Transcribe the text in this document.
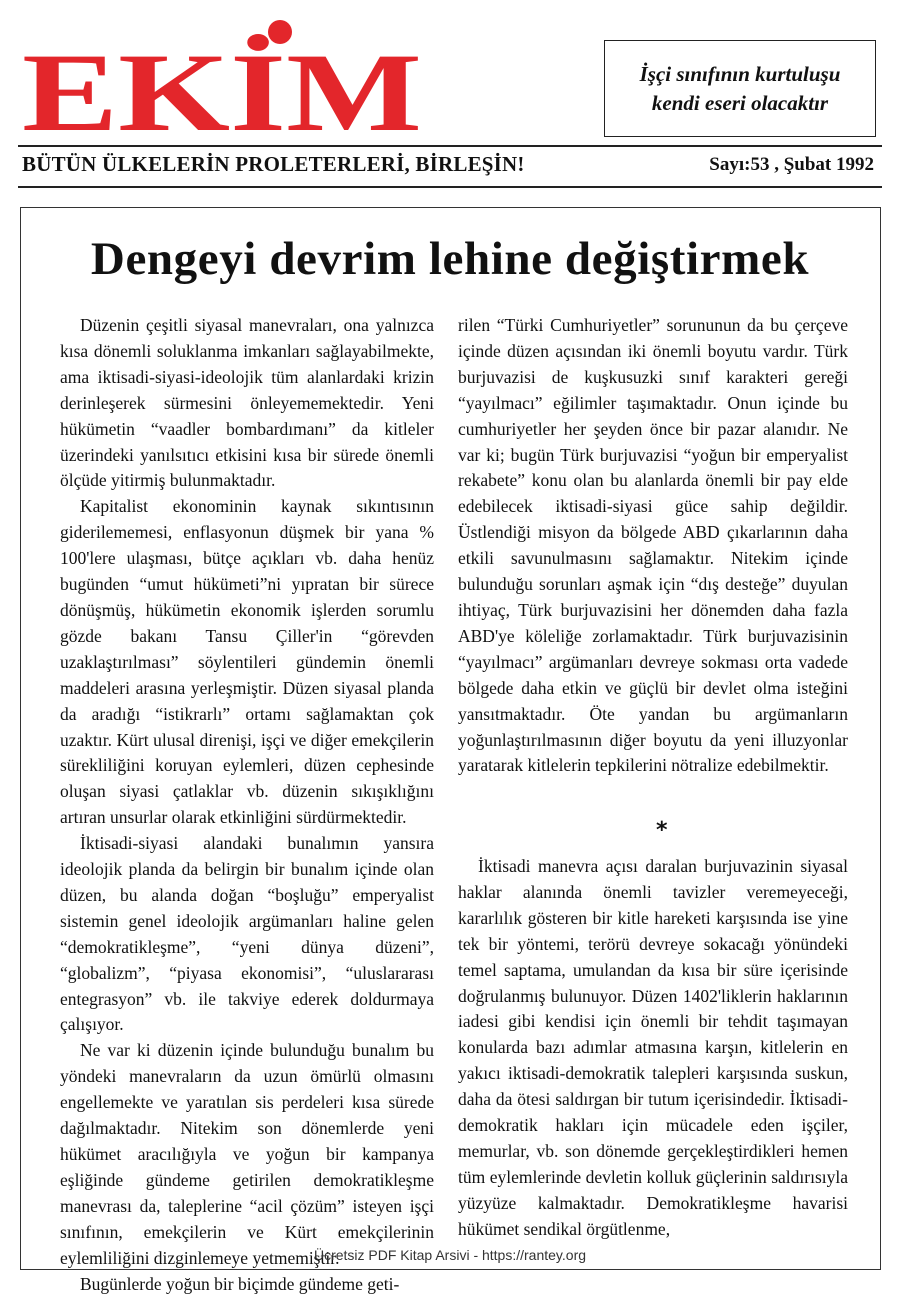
EKİM	İşçi sınıfının kurtuluşu
kendi eseri olacaktır
BÜTÜN ÜLKELERİN PROLETERLERİ, BİRLEŞİN!	Sayı:53 , Şubat 1992
Dengeyi devrim lehine değiştirmek

Düzenin çeşitli siyasal manevraları, ona yalnızca kısa dönemli soluklanma imkanları sağlayabilmekte, ama iktisadi-siyasi-ideolojik tüm alanlardaki krizin derinleşerek sürmesini önleyememektedir. Yeni hükümetin “vaadler bombardımanı” da kitleler üzerindeki yanılsıtıcı etkisini kısa bir sürede önemli ölçüde yitirmiş bulunmaktadır.

Kapitalist ekonominin kaynak sıkıntısının giderilememesi, enflasyonun düşmek bir yana % 100'lere ulaşması, bütçe açıkları vb. daha henüz bugünden “umut hükümeti”ni yıpratan bir sürece dönüşmüş, hükümetin ekonomik işlerden sorumlu gözde bakanı Tansu Çiller'in “görevden uzaklaştırılması” söylentileri gündemin önemli maddeleri arasına yerleşmiştir. Düzen siyasal planda da aradığı “istikrarlı” ortamı sağlamaktan çok uzaktır. Kürt ulusal direnişi, işçi ve diğer emekçilerin sürekliliğini koruyan eylemleri, düzen cephesinde oluşan siyasi çatlaklar vb. düzenin sıkışıklığını artıran unsurlar olarak etkinliğini sürdürmektedir.

İktisadi-siyasi alandaki bunalımın yansıra ideolojik planda da belirgin bir bunalım içinde olan düzen, bu alanda doğan “boşluğu” emperyalist sistemin genel ideolojik argümanları haline gelen “demokratikleşme”, “yeni dünya düzeni”, “globalizm”, “piyasa ekonomisi”, “uluslararası entegrasyon” vb. ile takviye ederek doldurmaya çalışıyor.

Ne var ki düzenin içinde bulunduğu bunalım bu yöndeki manevraların da uzun ömürlü olmasını engellemekte ve yaratılan sis perdeleri kısa sürede dağılmaktadır. Nitekim son dönemlerde yeni hükümet aracılığıyla ve yoğun bir kampanya eşliğinde gündeme getirilen demokratikleşme manevrası da, taleplerine “acil çözüm” isteyen işçi sınıfının, emekçilerin ve Kürt emekçilerinin eylemliliğini dizginlemeye yetmemiştir.

Bugünlerde yoğun bir biçimde gündeme geti-

rilen “Türki Cumhuriyetler” sorununun da bu çerçeve içinde düzen açısından iki önemli boyutu vardır. Türk burjuvazisi de kuşkusuzki sınıf karakteri gereği “yayılmacı” eğilimler taşımaktadır. Onun içinde bu cumhuriyetler her şeyden önce bir pazar alanıdır. Ne var ki; bugün Türk burjuvazisi “yoğun bir emperyalist rekabete” konu olan bu alanlarda önemli bir pay elde edebilecek iktisadi-siyasi güce sahip değildir. Üstlendiği misyon da bölgede ABD çıkarlarının daha etkili savunulmasını sağlamaktır. Nitekim içinde bulunduğu sorunları aşmak için “dış desteğe” duyulan ihtiyaç, Türk burjuvazisini her dönemden daha fazla ABD'ye köleliğe zorlamaktadır. Türk burjuvazisinin “yayılmacı” argümanları devreye sokması orta vadede bölgede daha etkin ve güçlü bir devlet olma isteğini yansıtmaktadır. Öte yandan bu argümanların yoğunlaştırılmasının diğer boyutu da yeni illuzyonlar yaratarak kitlelerin tepkilerini nötralize edebilmektir.

*

İktisadi manevra açısı daralan burjuvazinin siyasal haklar alanında önemli tavizler veremeyeceği, kararlılık gösteren bir kitle hareketi karşısında ise yine tek bir yöntemi, terörü devreye sokacağı yönündeki temel saptama, umulandan da kısa bir süre içerisinde doğrulanmış bulunuyor. Düzen 1402'liklerin haklarının iadesi gibi kendisi için önemli bir tehdit taşımayan konularda bazı adımlar atmasına karşın, kitlelerin en yakıcı iktisadi-demokratik talepleri karşısında suskun, daha da ötesi saldırgan bir tutum içerisindedir. İktisadi-demokratik hakları için mücadele eden işçiler, memurlar, vb. son dönemde gerçekleştirdikleri hemen tüm eylemlerinde devletin kolluk güçlerinin saldırısıyla yüzyüze kalmaktadır. Demokratikleşme havarisi hükümet sendikal örgütlenme,

Ücretsiz PDF Kitap Arsivi - https://rantey.org
